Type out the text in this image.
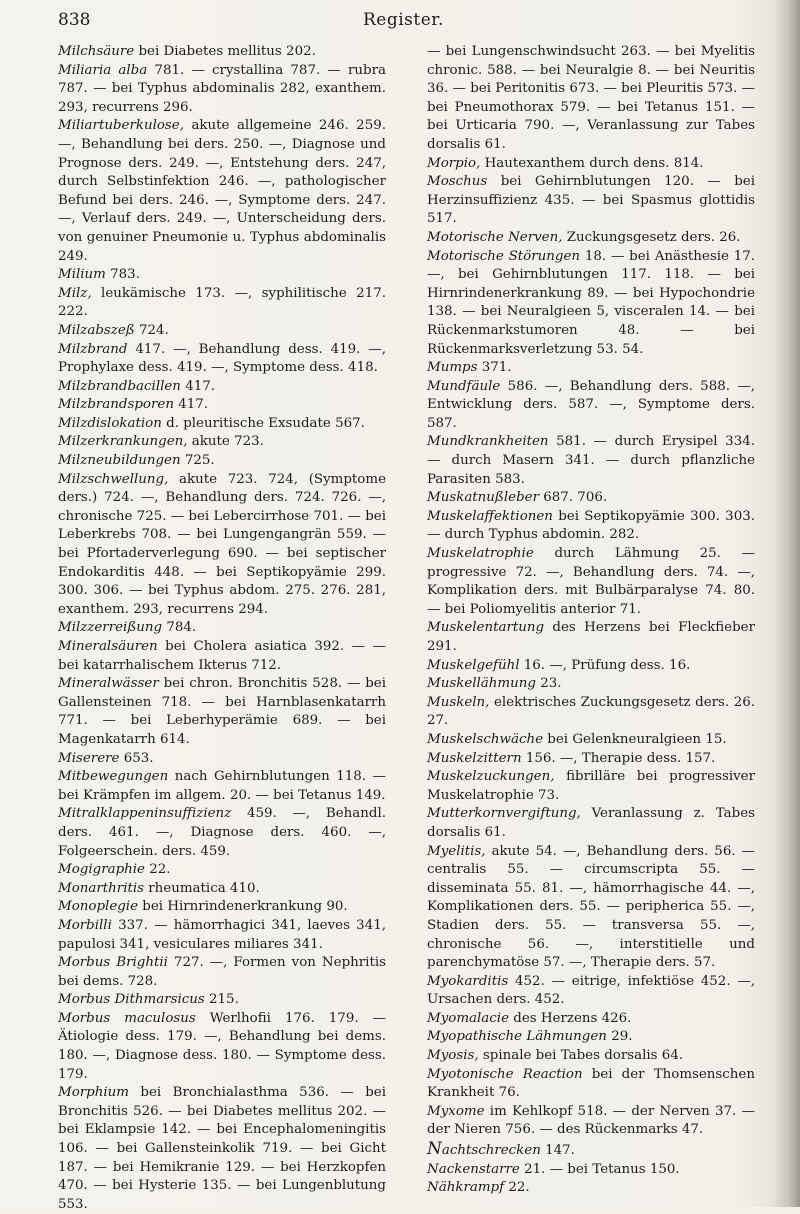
838	Register.

Milchsäure bei Diabetes mellitus 202.

Miliaria alba 781. — crystallina 787. — rubra 787. — bei Typhus abdominalis 282, exanthem. 293, recurrens 296.

Miliartuberkulose, akute allgemeine 246. 259. —, Behandlung bei ders. 250. —, Diagnose und Prognose ders. 249. —, Entstehung ders. 247, durch Selbstinfektion 246. —, pathologischer Befund bei ders. 246. —, Symptome ders. 247. —, Verlauf ders. 249. —, Unterscheidung ders. von genuiner Pneumonie u. Typhus abdominalis 249.

Milium 783.

Milz, leukämische 173. —, syphilitische 217. 222.

Milzabszeß 724.

Milzbrand 417. —, Behandlung dess. 419. —, Prophylaxe dess. 419. —, Symptome dess. 418.

Milzbrandbacillen 417.

Milzbrandsporen 417.

Milzdislokation d. pleuritische Exsudate 567.

Milzerkrankungen, akute 723.

Milzneubildungen 725.

Milzschwellung, akute 723. 724, (Symptome ders.) 724. —, Behandlung ders. 724. 726. —, chronische 725. — bei Lebercirrhose 701. — bei Leberkrebs 708. — bei Lungengangrän 559. — bei Pfortaderverlegung 690. — bei septischer Endokarditis 448. — bei Septikopyämie 299. 300. 306. — bei Typhus abdom. 275. 276. 281, exanthem. 293, recurrens 294.

Milzzerreißung 784.

Mineralsäuren bei Cholera asiatica 392. — — bei katarrhalischem Ikterus 712.

Mineralwässer bei chron. Bronchitis 528. — bei Gallensteinen 718. — bei Harnblasenkatarrh 771. — bei Leberhyperämie 689. — bei Magenkatarrh 614.

Miserere 653.

Mitbewegungen nach Gehirnblutungen 118. — bei Krämpfen im allgem. 20. — bei Tetanus 149.

Mitralklappeninsuffizienz 459. —, Behandl. ders. 461. —, Diagnose ders. 460. —, Folgeerschein. ders. 459.

Mogigraphie 22.

Monarthritis rheumatica 410.

Monoplegie bei Hirnrindenerkrankung 90.

Morbilli 337. — hämorrhagici 341, laeves 341, papulosi 341, vesiculares miliares 341.

Morbus Brightii 727. —, Formen von Nephritis bei dems. 728.

Morbus Dithmarsicus 215.

Morbus maculosus Werlhofii 176. 179. — Ätiologie dess. 179. —, Behandlung bei dems. 180. —, Diagnose dess. 180. — Symptome dess. 179.

Morphium bei Bronchialasthma 536. — bei Bronchitis 526. — bei Diabetes mellitus 202. — bei Eklampsie 142. — bei Encephalomeningitis 106. — bei Gallensteinkolik 719. — bei Gicht 187. — bei Hemikranie 129. — bei Herzkopfen 470. — bei Hysterie 135. — bei Lungenblutung 553.

— bei Lungenschwindsucht 263. — bei Myelitis chronic. 588. — bei Neuralgie 8. — bei Neuritis 36. — bei Peritonitis 673. — bei Pleuritis 573. — bei Pneumothorax 579. — bei Tetanus 151. — bei Urticaria 790. —, Veranlassung zur Tabes dorsalis 61.

Morpio, Hautexanthem durch dens. 814.

Moschus bei Gehirnblutungen 120. — bei Herzinsuffizienz 435. — bei Spasmus glottidis 517.

Motorische Nerven, Zuckungsgesetz ders. 26.

Motorische Störungen 18. — bei Anästhesie 17. —, bei Gehirnblutungen 117. 118. — bei Hirnrindenerkrankung 89. — bei Hypochondrie 138. — bei Neuralgieen 5, visceralen 14. — bei Rückenmarkstumoren 48. — bei Rückenmarksverletzung 53. 54.

Mumps 371.

Mundfäule 586. —, Behandlung ders. 588. —, Entwicklung ders. 587. —, Symptome ders. 587.

Mundkrankheiten 581. — durch Erysipel 334. — durch Masern 341. — durch pflanzliche Parasiten 583.

Muskatnußleber 687. 706.

Muskelaffektionen bei Septikopyämie 300. 303. — durch Typhus abdomin. 282.

Muskelatrophie durch Lähmung 25. — progressive 72. —, Behandlung ders. 74. —, Komplikation ders. mit Bulbärparalyse 74. 80. — bei Poliomyelitis anterior 71.

Muskelentartung des Herzens bei Fleckfieber 291.

Muskelgefühl 16. —, Prüfung dess. 16.

Muskellähmung 23.

Muskeln, elektrisches Zuckungsgesetz ders. 26. 27.

Muskelschwäche bei Gelenkneuralgieen 15.

Muskelzittern 156. —, Therapie dess. 157.

Muskelzuckungen, fibrilläre bei progressiver Muskelatrophie 73.

Mutterkornvergiftung, Veranlassung z. Tabes dorsalis 61.

Myelitis, akute 54. —, Behandlung ders. 56. — centralis 55. — circumscripta 55. — disseminata 55. 81. —, hämorrhagische 44. —, Komplikationen ders. 55. — peripherica 55. —, Stadien ders. 55. — transversa 55. —, chronische 56. —, interstitielle und parenchymatöse 57. —, Therapie ders. 57.

Myokarditis 452. — eitrige, infektiöse 452. —, Ursachen ders. 452.

Myomalacie des Herzens 426.

Myopathische Lähmungen 29.

Myosis, spinale bei Tabes dorsalis 64.

Myotonische Reaction bei der Thomsenschen Krankheit 76.

Myxome im Kehlkopf 518. — der Nerven 37. — der Nieren 756. — des Rückenmarks 47.

Nachtschrecken 147.

Nackenstarre 21. — bei Tetanus 150.

Nähkrampf 22.
